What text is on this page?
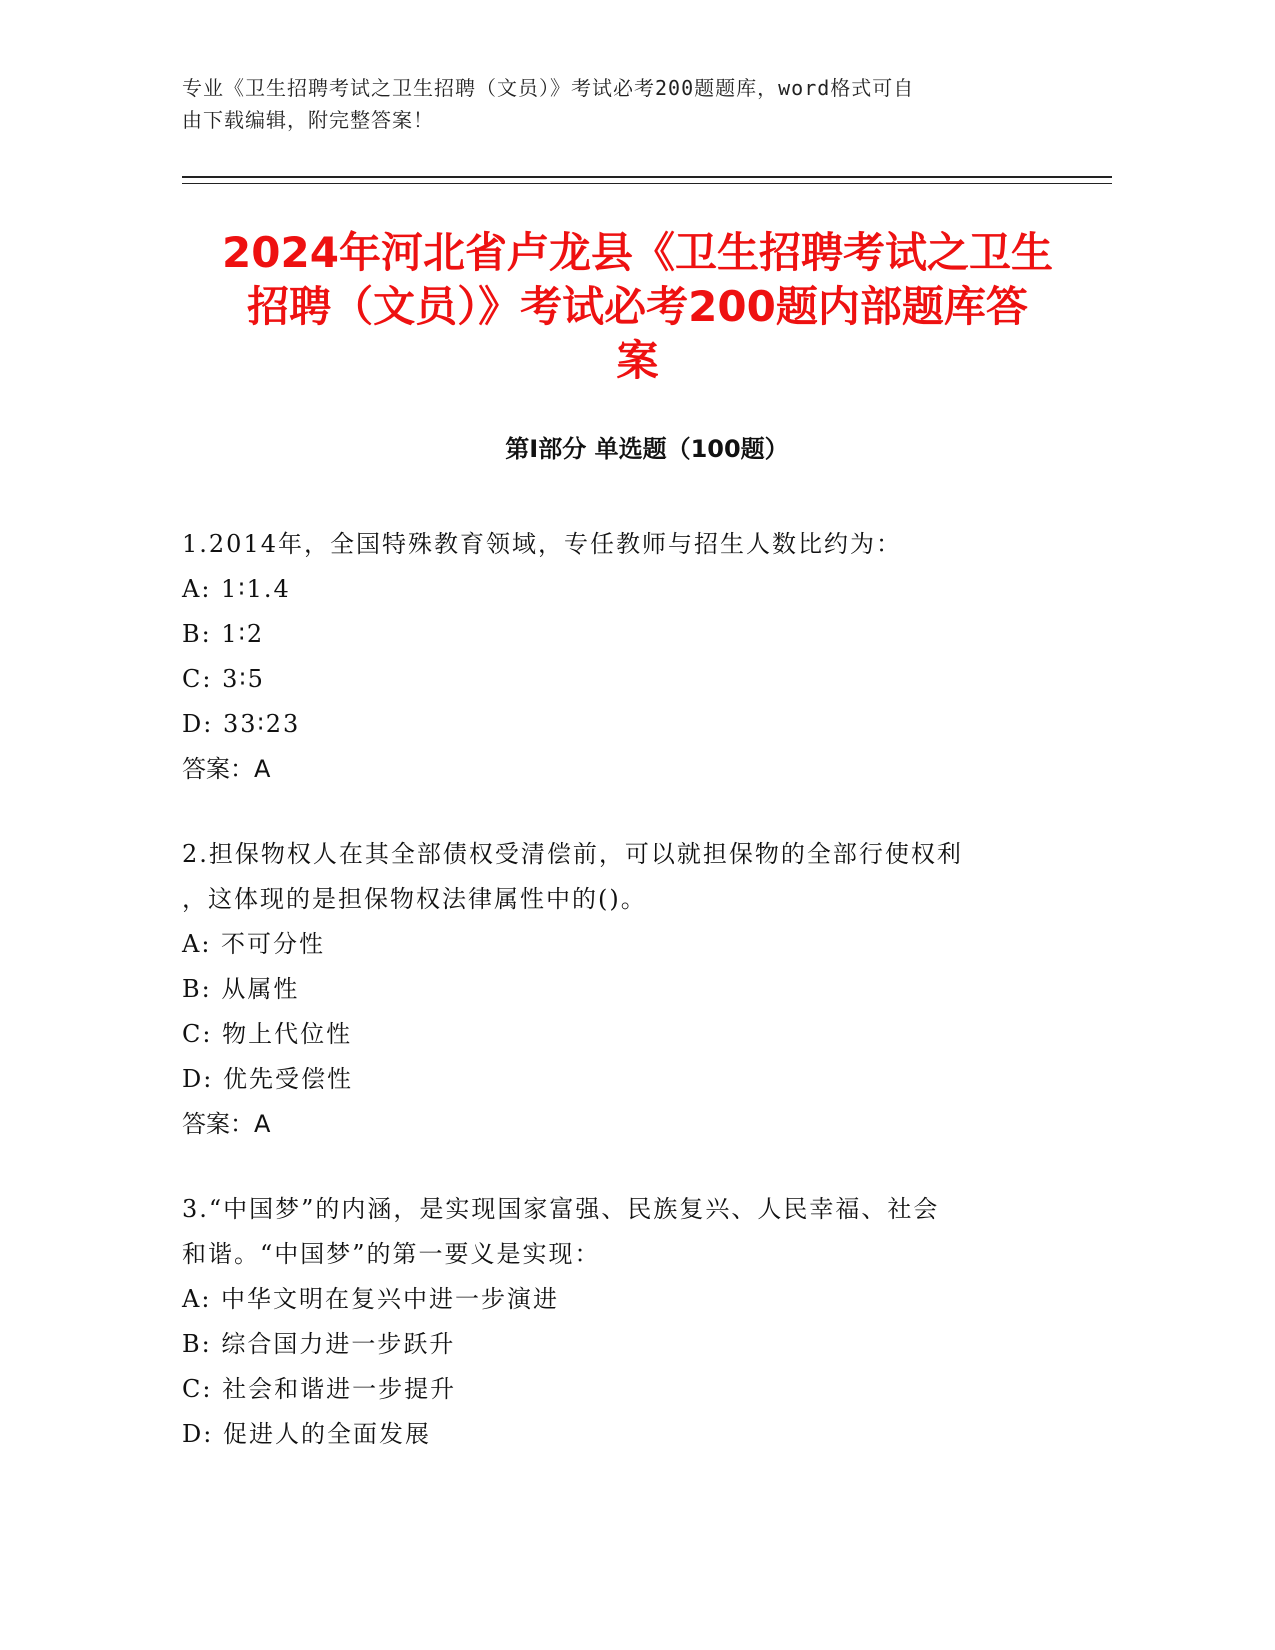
专业《卫生招聘考试之卫生招聘（文员）》考试必考200题题库，word格式可自
由下载编辑，附完整答案！
2024年河北省卢龙县《卫生招聘考试之卫生
招聘（文员）》考试必考200题内部题库答
案
第I部分 单选题（100题）
1.2014年，全国特殊教育领域，专任教师与招生人数比约为：
A: 1∶1.4
B: 1∶2
C: 3∶5
D: 33∶23
答案：A
2.担保物权人在其全部债权受清偿前，可以就担保物的全部行使权利
，这体现的是担保物权法律属性中的()。
A: 不可分性
B: 从属性
C: 物上代位性
D: 优先受偿性
答案：A
3.“中国梦”的内涵，是实现国家富强、民族复兴、人民幸福、社会
和谐。“中国梦”的第一要义是实现：
A: 中华文明在复兴中进一步演进
B: 综合国力进一步跃升
C: 社会和谐进一步提升
D: 促进人的全面发展
